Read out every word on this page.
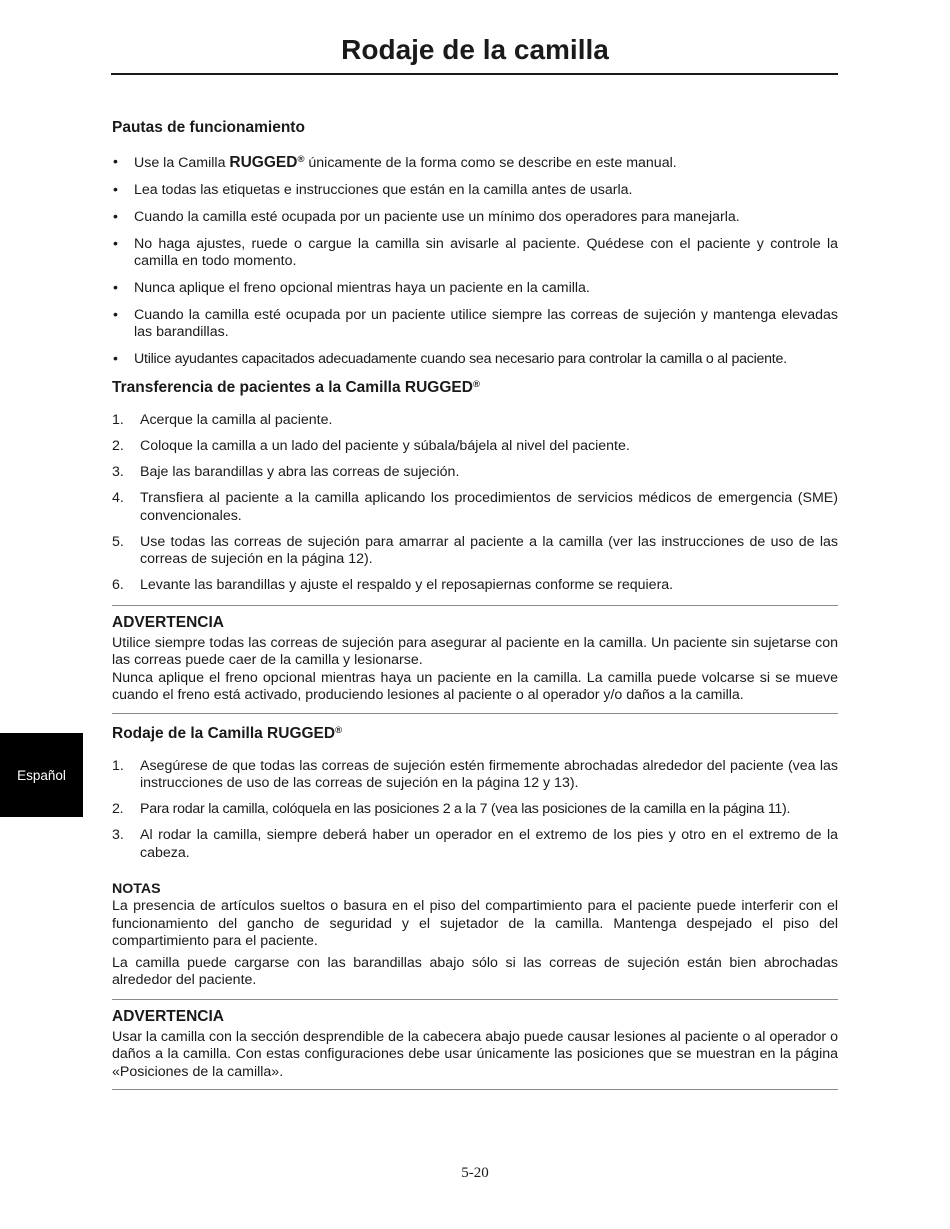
Rodaje de la camilla
Pautas de funcionamiento
• Use la Camilla RUGGED® únicamente de la forma como se describe en este manual.
• Lea todas las etiquetas e instrucciones que están en la camilla antes de usarla.
• Cuando la camilla esté ocupada por un paciente use un mínimo dos operadores para manejarla.
• No haga ajustes, ruede o cargue la camilla sin avisarle al paciente. Quédese con el paciente y controle la camilla en todo momento.
• Nunca aplique el freno opcional mientras haya un paciente en la camilla.
• Cuando la camilla esté ocupada por un paciente utilice siempre las correas de sujeción y mantenga elevadas las barandillas.
• Utilice ayudantes capacitados adecuadamente cuando sea necesario para controlar la camilla o al paciente.
Transferencia de pacientes a la Camilla RUGGED®
1. Acerque la camilla al paciente.
2. Coloque la camilla a un lado del paciente y súbala/bájela al nivel del paciente.
3. Baje las barandillas y abra las correas de sujeción.
4. Transfiera al paciente a la camilla aplicando los procedimientos de servicios médicos de emergencia (SME) convencionales.
5. Use todas las correas de sujeción para amarrar al paciente a la camilla (ver las instrucciones de uso de las correas de sujeción en la página 12).
6. Levante las barandillas y ajuste el respaldo y el reposapiernas conforme se requiera.
ADVERTENCIA
Utilice siempre todas las correas de sujeción para asegurar al paciente en la camilla. Un paciente sin sujetarse con las correas puede caer de la camilla y lesionarse.
Nunca aplique el freno opcional mientras haya un paciente en la camilla. La camilla puede volcarse si se mueve cuando el freno está activado, produciendo lesiones al paciente o al operador y/o daños a la camilla.
Rodaje de la Camilla RUGGED®
1. Asegúrese de que todas las correas de sujeción estén firmemente abrochadas alrededor del paciente (vea las instrucciones de uso de las correas de sujeción en la página 12 y 13).
2. Para rodar la camilla, colóquela en las posiciones 2 a la 7 (vea las posiciones de la camilla en la página 11).
3. Al rodar la camilla, siempre deberá haber un operador en el extremo de los pies y otro en el extremo de la cabeza.
NOTAS
La presencia de artículos sueltos o basura en el piso del compartimiento para el paciente puede interferir con el funcionamiento del gancho de seguridad y el sujetador de la camilla. Mantenga despejado el piso del compartimiento para el paciente.
La camilla puede cargarse con las barandillas abajo sólo si las correas de sujeción están bien abrochadas alrededor del paciente.
ADVERTENCIA
Usar la camilla con la sección desprendible de la cabecera abajo puede causar lesiones al paciente o al operador o daños a la camilla. Con estas configuraciones debe usar únicamente las posiciones que se muestran en la página «Posiciones de la camilla».
Español
5-20
